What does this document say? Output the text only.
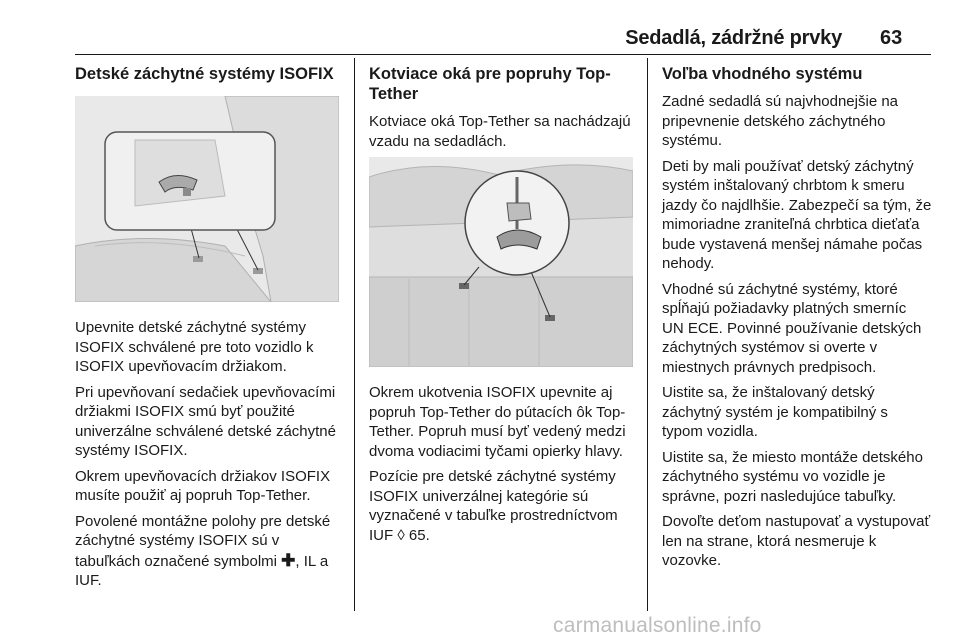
Sedadlá, zádržné prvky 63
Detské záchytné systémy ISOFIX

Upevnite detské záchytné systémy ISOFIX schválené pre toto vozidlo k ISOFIX upevňovacím držiakom.

Pri upevňovaní sedačiek upevňovacími držiakmi ISOFIX smú byť použité univerzálne schválené detské záchytné systémy ISOFIX.

Okrem upevňovacích držiakov ISOFIX musíte použiť aj popruh Top-Tether.

Povolené montážne polohy pre detské záchytné systémy ISOFIX sú v tabuľkách označené symbolmi ✚, IL a IUF.

Kotviace oká pre popruhy Top-Tether

Kotviace oká Top-Tether sa nachádzajú vzadu na sedadlách.

Okrem ukotvenia ISOFIX upevnite aj popruh Top-Tether do pútacích ôk Top-Tether. Popruh musí byť vedený medzi dvoma vodiacimi tyčami opierky hlavy.

Pozície pre detské záchytné systémy ISOFIX univerzálnej kategórie sú vyznačené v tabuľke prostredníctvom IUF ◊ 65.

Voľba vhodného systému

Zadné sedadlá sú najvhodnejšie na pripevnenie detského záchytného systému.

Deti by mali používať detský záchytný systém inštalovaný chrbtom k smeru jazdy čo najdlhšie. Zabezpečí sa tým, že mimoriadne zraniteľná chrbtica dieťaťa bude vystavená menšej námahe počas nehody.

Vhodné sú záchytné systémy, ktoré spĺňajú požiadavky platných smerníc UN ECE. Povinné používanie detských záchytných systémov si overte v miestnych právnych predpisoch.

Uistite sa, že inštalovaný detský záchytný systém je kompatibilný s typom vozidla.

Uistite sa, že miesto montáže detského záchytného systému vo vozidle je správne, pozri nasledujúce tabuľky.

Dovoľte deťom nastupovať a vystupovať len na strane, ktorá nesmeruje k vozovke.

carmanualsonline.info
